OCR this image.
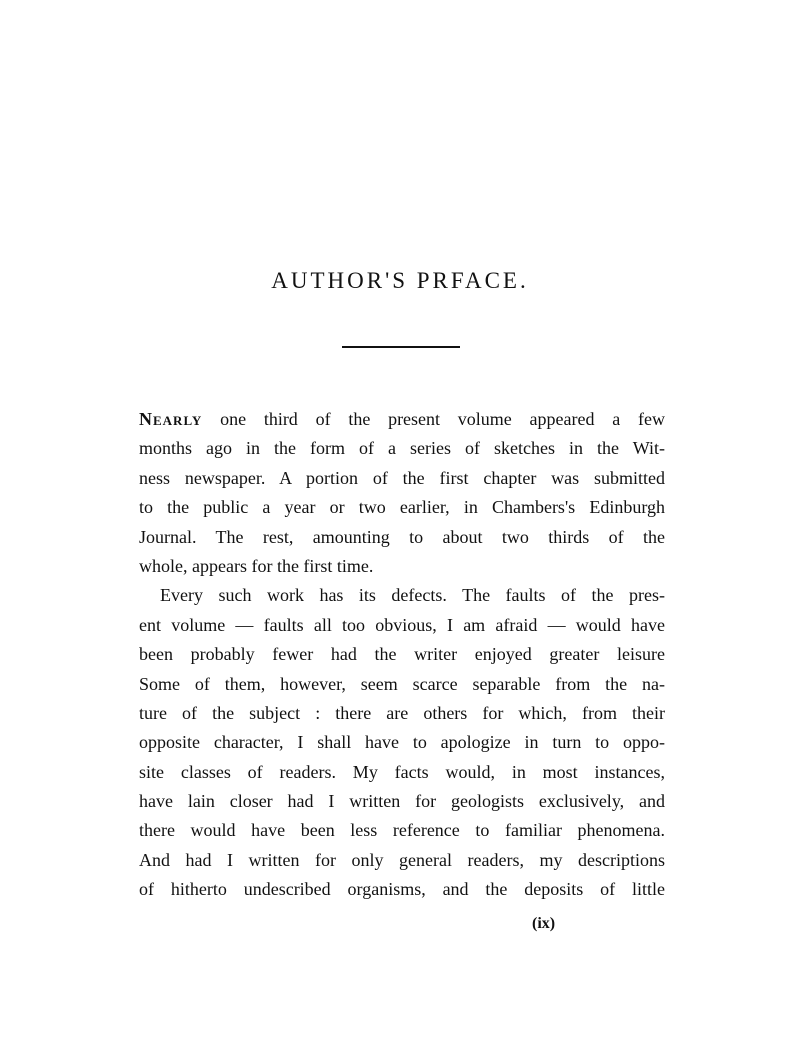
AUTHOR'S PRFACE.
Nearly one third of the present volume appeared a few
months ago in the form of a series of sketches in the Wit-
ness newspaper. A portion of the first chapter was submitted
to the public a year or two earlier, in Chambers's Edinburgh
Journal. The rest, amounting to about two thirds of the
whole, appears for the first time.
Every such work has its defects. The faults of the pres-
ent volume — faults all too obvious, I am afraid — would have
been probably fewer had the writer enjoyed greater leisure
Some of them, however, seem scarce separable from the na-
ture of the subject : there are others for which, from their
opposite character, I shall have to apologize in turn to oppo-
site classes of readers. My facts would, in most instances,
have lain closer had I written for geologists exclusively, and
there would have been less reference to familiar phenomena.
And had I written for only general readers, my descriptions
of hitherto undescribed organisms, and the deposits of little
(ix)
